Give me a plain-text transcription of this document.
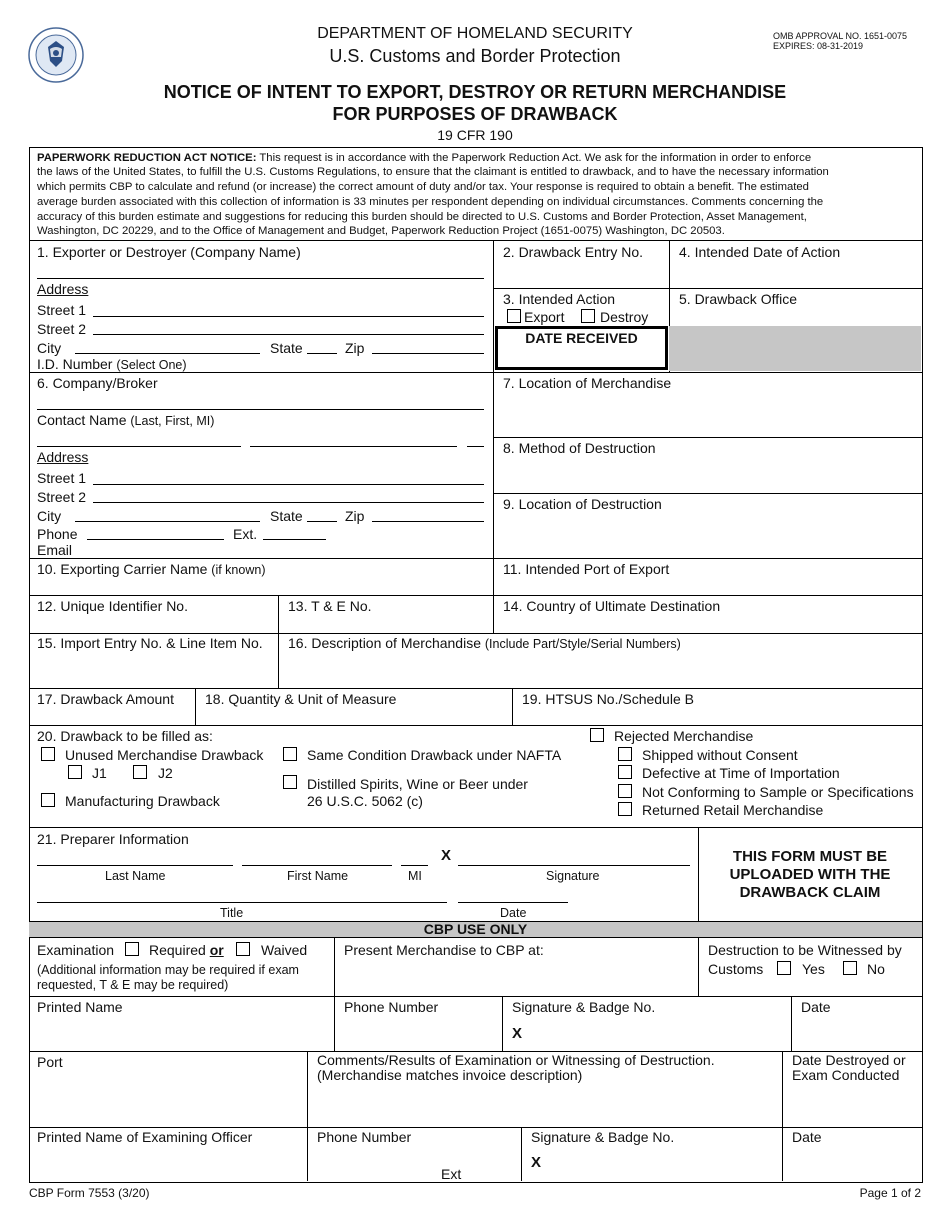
DEPARTMENT OF HOMELAND SECURITY
U.S. Customs and Border Protection
OMB APPROVAL NO. 1651-0075
EXPIRES: 08-31-2019
NOTICE OF INTENT TO EXPORT, DESTROY OR RETURN MERCHANDISE
FOR PURPOSES OF DRAWBACK
19 CFR 190
PAPERWORK REDUCTION ACT NOTICE: This request is in accordance with the Paperwork Reduction Act. We ask for the information in order to enforce
the laws of the United States, to fulfill the U.S. Customs Regulations, to ensure that the claimant is entitled to drawback, and to have the necessary information
which permits CBP to calculate and refund (or increase) the correct amount of duty and/or tax. Your response is required to obtain a benefit. The estimated
average burden associated with this collection of information is 33 minutes per respondent depending on individual circumstances. Comments concerning the
accuracy of this burden estimate and suggestions for reducing this burden should be directed to U.S. Customs and Border Protection, Asset Management,
Washington, DC 20229, and to the Office of Management and Budget, Paperwork Reduction Project (1651-0075) Washington, DC 20503.
1. Exporter or Destroyer (Company Name)
Address
Street 1
Street 2
City	State	Zip
I.D. Number (Select One)
2. Drawback Entry No.	4. Intended Date of Action
3. Intended Action
Export	Destroy
5. Drawback Office
DATE RECEIVED
6. Company/Broker
Contact Name (Last, First, MI)
Address
Street 1
Street 2
City	State	Zip
Phone	Ext.
Email
7. Location of Merchandise
8. Method of Destruction
9. Location of Destruction
10. Exporting Carrier Name (if known)	11. Intended Port of Export
12. Unique Identifier No.	13. T & E No.	14. Country of Ultimate Destination
15. Import Entry No. & Line Item No. 16. Description of Merchandise (Include Part/Style/Serial Numbers)
17. Drawback Amount 18. Quantity & Unit of Measure	19. HTSUS No./Schedule B
20. Drawback to be filled as:
Unused Merchandise Drawback
J1	J2
Manufacturing Drawback
Same Condition Drawback under NAFTA
Distilled Spirits, Wine or Beer under
26 U.S.C. 5062 (c)
Rejected Merchandise
Shipped without Consent
Defective at Time of Importation
Not Conforming to Sample or Specifications
Returned Retail Merchandise
21. Preparer Information
X
Last Name	First Name	MI	Signature
Title	Date
THIS FORM MUST BE
UPLOADED WITH THE
DRAWBACK CLAIM
CBP USE ONLY
Examination Required or	Waived
(Additional information may be required if exam
requested, T & E may be required)
Present Merchandise to CBP at:	Destruction to be Witnessed by
Customs	Yes	No
Printed Name	Phone Number	Signature & Badge No.
X
Date
Port	Comments/Results of Examination or Witnessing of Destruction.
(Merchandise matches invoice description)
Date Destroyed or
Exam Conducted
Printed Name of Examining Officer	Phone Number
Ext
Signature & Badge No.
X
Date
CBP Form 7553 (3/20)	Page 1 of 2
